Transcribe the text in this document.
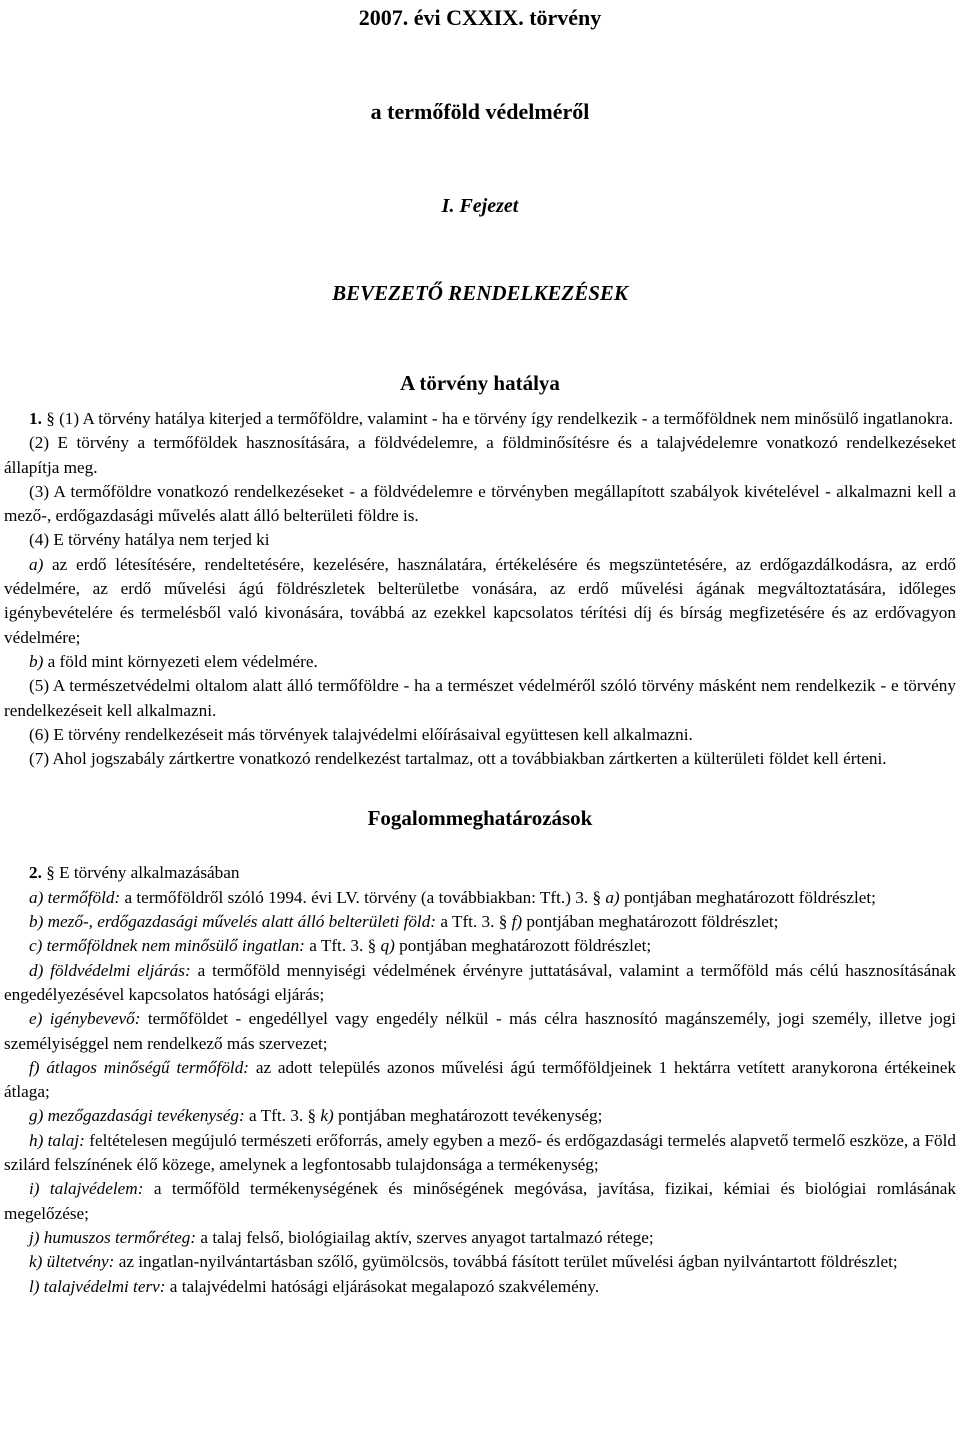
2007. évi CXXIX. törvény
a termőföld védelméről
I. Fejezet
BEVEZETŐ RENDELKEZÉSEK
A törvény hatálya

1. § (1) A törvény hatálya kiterjed a termőföldre, valamint - ha e törvény így rendelkezik - a termőföldnek nem minősülő ingatlanokra.

(2) E törvény a termőföldek hasznosítására, a földvédelemre, a földminősítésre és a talajvédelemre vonatkozó rendelkezéseket állapítja meg.

(3) A termőföldre vonatkozó rendelkezéseket - a földvédelemre e törvényben megállapított szabályok kivételével - alkalmazni kell a mező-, erdőgazdasági művelés alatt álló belterületi földre is.

(4) E törvény hatálya nem terjed ki

a) az erdő létesítésére, rendeltetésére, kezelésére, használatára, értékelésére és megszüntetésére, az erdőgazdálkodásra, az erdő védelmére, az erdő művelési ágú földrészletek belterületbe vonására, az erdő művelési ágának megváltoztatására, időleges igénybevételére és termelésből való kivonására, továbbá az ezekkel kapcsolatos térítési díj és bírság megfizetésére és az erdővagyon védelmére;

b) a föld mint környezeti elem védelmére.

(5) A természetvédelmi oltalom alatt álló termőföldre - ha a természet védelméről szóló törvény másként nem rendelkezik - e törvény rendelkezéseit kell alkalmazni.

(6) E törvény rendelkezéseit más törvények talajvédelmi előírásaival együttesen kell alkalmazni.

(7) Ahol jogszabály zártkertre vonatkozó rendelkezést tartalmaz, ott a továbbiakban zártkerten a külterületi földet kell érteni.

Fogalommeghatározások

2. § E törvény alkalmazásában

a) termőföld: a termőföldről szóló 1994. évi LV. törvény (a továbbiakban: Tft.) 3. § a) pontjában meghatározott földrészlet;

b) mező-, erdőgazdasági művelés alatt álló belterületi föld: a Tft. 3. § f) pontjában meghatározott földrészlet;

c) termőföldnek nem minősülő ingatlan: a Tft. 3. § q) pontjában meghatározott földrészlet;

d) földvédelmi eljárás: a termőföld mennyiségi védelmének érvényre juttatásával, valamint a termőföld más célú hasznosításának engedélyezésével kapcsolatos hatósági eljárás;

e) igénybevevő: termőföldet - engedéllyel vagy engedély nélkül - más célra hasznosító magánszemély, jogi személy, illetve jogi személyiséggel nem rendelkező más szervezet;

f) átlagos minőségű termőföld: az adott település azonos művelési ágú termőföldjeinek 1 hektárra vetített aranykorona értékeinek átlaga;

g) mezőgazdasági tevékenység: a Tft. 3. § k) pontjában meghatározott tevékenység;

h) talaj: feltételesen megújuló természeti erőforrás, amely egyben a mező- és erdőgazdasági termelés alapvető termelő eszköze, a Föld szilárd felszínének élő közege, amelynek a legfontosabb tulajdonsága a termékenység;

i) talajvédelem: a termőföld termékenységének és minőségének megóvása, javítása, fizikai, kémiai és biológiai romlásának megelőzése;

j) humuszos termőréteg: a talaj felső, biológiailag aktív, szerves anyagot tartalmazó rétege;

k) ültetvény: az ingatlan-nyilvántartásban szőlő, gyümölcsös, továbbá fásított terület művelési ágban nyilvántartott földrészlet;

l) talajvédelmi terv: a talajvédelmi hatósági eljárásokat megalapozó szakvélemény.
